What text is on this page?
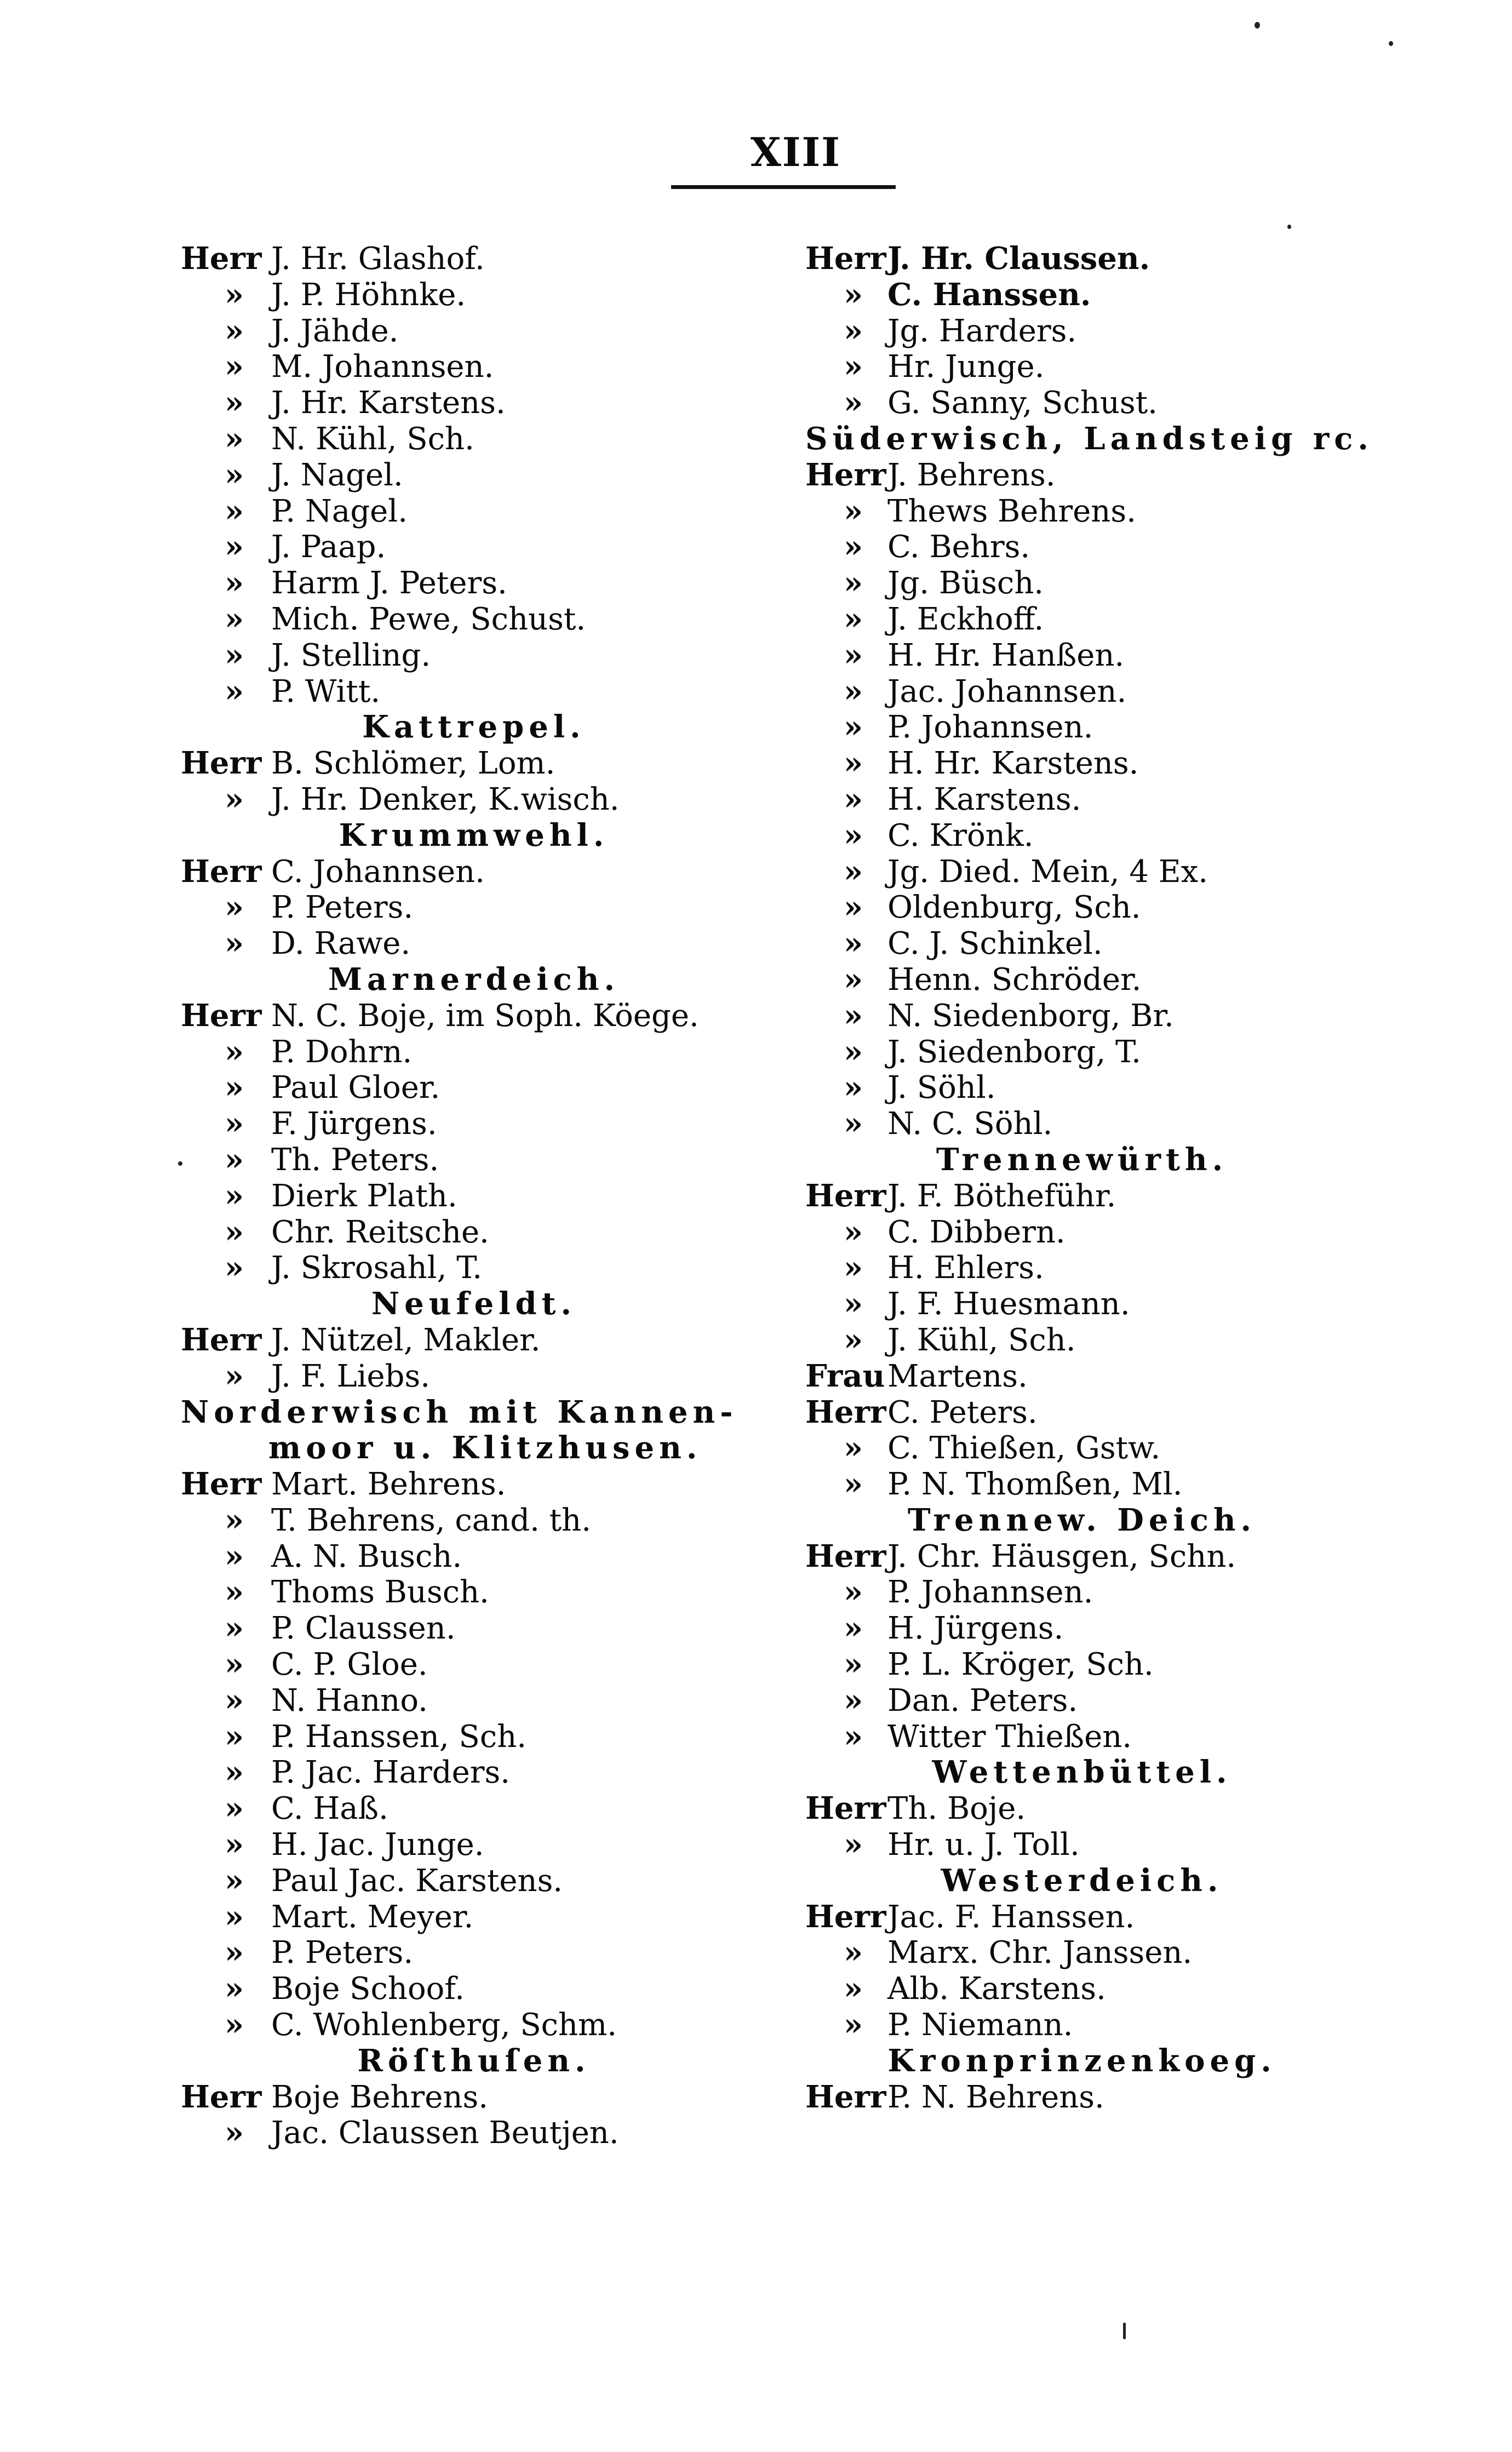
XIII
Herr J. Hr. Glashof.
» J. P. Höhnke.
» J. Jähde.
» M. Johannsen.
» J. Hr. Karstens.
» N. Kühl, Sch.
» J. Nagel.
» P. Nagel.
» J. Paap.
» Harm J. Peters.
» Mich. Pewe, Schust.
» J. Stelling.
» P. Witt.
Kattrepel.
Herr B. Schlömer, Lom.
» J. Hr. Denker, K.wisch.
Krummwehl.
Herr C. Johannsen.
» P. Peters.
» D. Rawe.
Marnerdeich.
Herr N. C. Boje, im Soph. Köege.
» P. Dohrn.
» Paul Gloer.
» F. Jürgens.
» Th. Peters.
» Dierk Plath.
» Chr. Reitsche.
» J. Skrosahl, T.
Neufeldt.
Herr J. Nützel, Makler.
» J. F. Liebs.
Norderwisch mit Kannen-
moor u. Klitzhusen.
Herr Mart. Behrens.
» T. Behrens, cand. th.
» A. N. Busch.
» Thoms Busch.
» P. Claussen.
» C. P. Gloe.
» N. Hanno.
» P. Hanssen, Sch.
» P. Jac. Harders.
» C. Haß.
» H. Jac. Junge.
» Paul Jac. Karstens.
» Mart. Meyer.
» P. Peters.
» Boje Schoof.
» C. Wohlenberg, Schm.
Röſthuſen.
Herr Boje Behrens.
» Jac. Claussen Beutjen.
HerrJ. Hr. Claussen.
» C. Hanssen.
» Jg. Harders.
» Hr. Junge.
» G. Sanny, Schust.
Süderwisch, Landsteig rc.
HerrJ. Behrens.
» Thews Behrens.
» C. Behrs.
» Jg. Büsch.
» J. Eckhoff.
» H. Hr. Hanßen.
» Jac. Johannsen.
» P. Johannsen.
» H. Hr. Karstens.
» H. Karstens.
» C. Krönk.
» Jg. Died. Mein, 4 Ex.
» Oldenburg, Sch.
» C. J. Schinkel.
» Henn. Schröder.
» N. Siedenborg, Br.
» J. Siedenborg, T.
» J. Söhl.
» N. C. Söhl.
Trennewürth.
HerrJ. F. Bötheführ.
» C. Dibbern.
» H. Ehlers.
» J. F. Huesmann.
» J. Kühl, Sch.
FrauMartens.
HerrC. Peters.
» C. Thießen, Gstw.
» P. N. Thomßen, Ml.
Trennew. Deich.
HerrJ. Chr. Häusgen, Schn.
» P. Johannsen.
» H. Jürgens.
» P. L. Kröger, Sch.
» Dan. Peters.
» Witter Thießen.
Wettenbüttel.
HerrTh. Boje.
» Hr. u. J. Toll.
Westerdeich.
HerrJac. F. Hanssen.
» Marx. Chr. Janssen.
» Alb. Karstens.
» P. Niemann.
Kronprinzenkoeg.
HerrP. N. Behrens.
